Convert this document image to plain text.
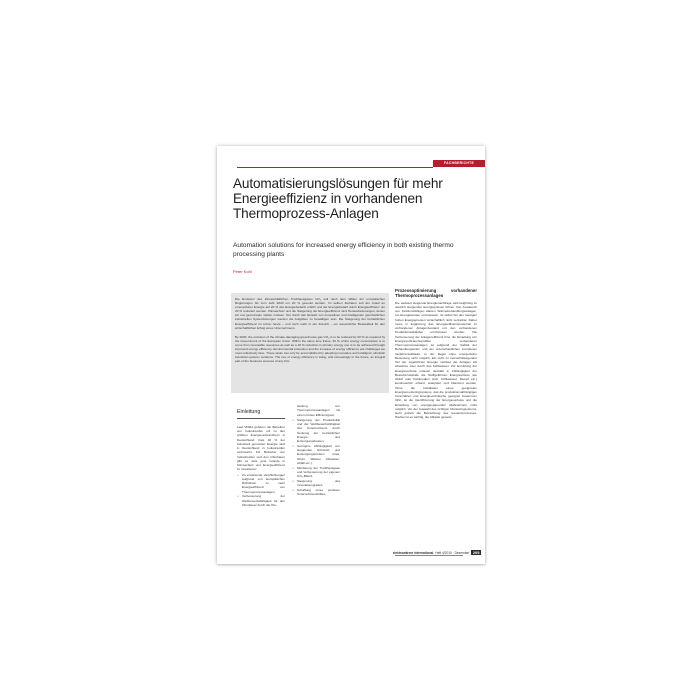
FACHBERICHTE
Automatisierungslösungen für mehr Energieeffizienz in vorhandenen Thermoprozess-Anlagen
Automation solutions for increased energy efficiency in both existing thermo processing plants
Peter Kohl

Die Emission des klimaschädlichen Treibhausgases CO₂ soll nach dem Willen der europäischen Regierungen bis zum Jahr 2020 um 20 % gesenkt werden. Im selben Zeitraum soll der Anteil an erneuerbarer Energie auf 20 % des Energiebedarfs erhöht und der Energiebedarf durch Energieeffizienz um 20 % reduziert werden. Klimaschutz und die Steigerung der Energieeffizienz sind Herausforderungen, denen wir uns gemeinsam stellen müssen. Nur durch den Einsatz von innovativen und intelligenten ganzheitlichen industriellen Systemlösungen werden die Aufgaben zu bewältigen sein. Die Steigerung der betrieblichen Energieeffizienz ist schon heute – und noch mehr in der Zukunft – ein wesentlicher Bestandteil für den wirtschaftlichen Erfolg eines Unternehmens.

By 2020, the emission of the climate-damaging greenhouse gas CO₂ is to be reduced by 20 % as required by the Government of the European Union. Within the same time frame, 20 % of EU energy consumption is to come from renewable resources as well as a 20 % reduction in primary energy use is to be achieved through improved energy efficiency. Environmental protection and the increase of energy efficiency are challenges we must collectively face. These tasks can only be accomplished by adopting innovative and intelligent, wholistic industrial systems solutions. The rise of energy efficiency is today, and increasingly in the future, an integral part of the business success of any firm.

Prozessoptimierung vorhandener Thermoprozessanlagen

Die weltweit steigende Energienachfrage wird langfristig zu deutlich steigenden Energiepreisen führen. Der Austausch von funktionsfähigen älteren Wärmebehandlungsanlagen, um Energiekosten einzusparen, ist selbst bei den heutigen hohen Energiepreisen wirtschaftlich nicht vertretbar. Daher muss in Ergänzung das Energieeffizienzpotenzial im vorhandenen Anlagenbestand mit den vorhandenen Produktionsabläufen erschlossen werden. Die Verbesserung der Anlageneffizienz bzw. die Erstellung von Energieverbrauchsprofilen vorhandener Thermoprozessanlagen ist aufgrund der Vielfalt der Behandlungsarten und der unterschiedlichen komplexen Verfahrensabläufe, in der Regel ohne energetische Bewertung nicht möglich. Ein nicht zu vernachlässigender Teil der zugeführten Energie verlässt die Anlagen als Abwärme oder durch das Kühlwasser. Zur Ermittlung der Energieverluste müssen deshalb in Abhängigkeit der Betriebszustände die Stoffgeführten Energieströme wie Abluft oder Kühlmedien (Luft, Kühlwasser, Dampf etc.) kontinuierlich erfasst, analysiert und bilanziert werden. Ohne die Installation eines geeigneten Energiemonitoringsystems, das die produktionsabhängigen Kennzahlen und Energieverbräuche geeignet zusammen führt, ist die Identifizierung der Energieverluste und die Erstellung von energiesparenden Maßnahmen nicht möglich. Vor der Auswahl des richtigen Monitoringsystems, steht jedoch die Betrachtung des Gesamtprozesses. Hierbei ist es wichtig, die Abläufe gesamt-

Einleitung

Laut VDMA gehören die Betreiber von Industrieöfen mit zu den größten Energieverbrauchern in Deutschland. Fast 40 % der industriell genutzten Energie wird in Deutschland in Industrieöfen verbraucht. Für Betreiber von Industrieöfen und den Ofenbauer gibt es viele gute Gründe in Klimaschutz und Energieeffizienz zu investieren:

• Zu erwartende Verpflichtungen aufgrund von Europäischen Richtlinien zu mehr Energieeffizienz von Thermoprozessanlagen,
• Verbesserung der Wettbewerbsfähigkeit für den Ofenbauer durch die Her-

stellung von Thermoprozessanlagen mit einem hohen Effizienzgrad,

• Steigerung der Produktivität und der Wettbewerbsfähigkeit des Unternehmens durch Senkung der betrieblichen Energie- und Entsorgungskosten,
• Geringere Abhängigkeit von steigenden Rohstoff- und Entsorgungspreisen (Gas, Strom, Wasser, Abwasser, Abfall etc.),
• Minderung der Treibhausgase und Verbesserung der eigenen CO₂-Bilanz,
• Steigerung des Innovationsgrades,
• Schaffung eines positiven Unternehmensbildes.
elektrowärme international Heft 4/2010 · Dezember 205
